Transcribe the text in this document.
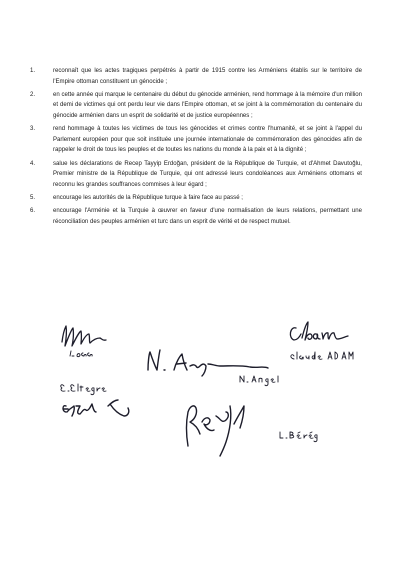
1.	reconnaît que les actes tragiques perpétrés à partir de 1915 contre les Arméniens établis sur le territoire de l'Empire ottoman constituent un génocide ;
2.	en cette année qui marque le centenaire du début du génocide arménien, rend hommage à la mémoire d'un million et demi de victimes qui ont perdu leur vie dans l'Empire ottoman, et se joint à la commémoration du centenaire du génocide arménien dans un esprit de solidarité et de justice européennes ;
3.	rend hommage à toutes les victimes de tous les génocides et crimes contre l'humanité, et se joint à l'appel du Parlement européen pour que soit instituée une journée internationale de commémoration des génocides afin de rappeler le droit de tous les peuples et de toutes les nations du monde à la paix et à la dignité ;
4.	salue les déclarations de Recep Tayyip Erdoğan, président de la République de Turquie, et d'Ahmet Davutoğlu, Premier ministre de la République de Turquie, qui ont adressé leurs condoléances aux Arméniens ottomans et reconnu les grandes souffrances commises à leur égard ;
5.	encourage les autorités de la République turque à faire face au passé ;
6.	encourage l'Arménie et la Turquie à œuvrer en faveur d'une normalisation de leurs relations, permettant une réconciliation des peuples arménien et turc dans un esprit de vérité et de respect mutuel.
